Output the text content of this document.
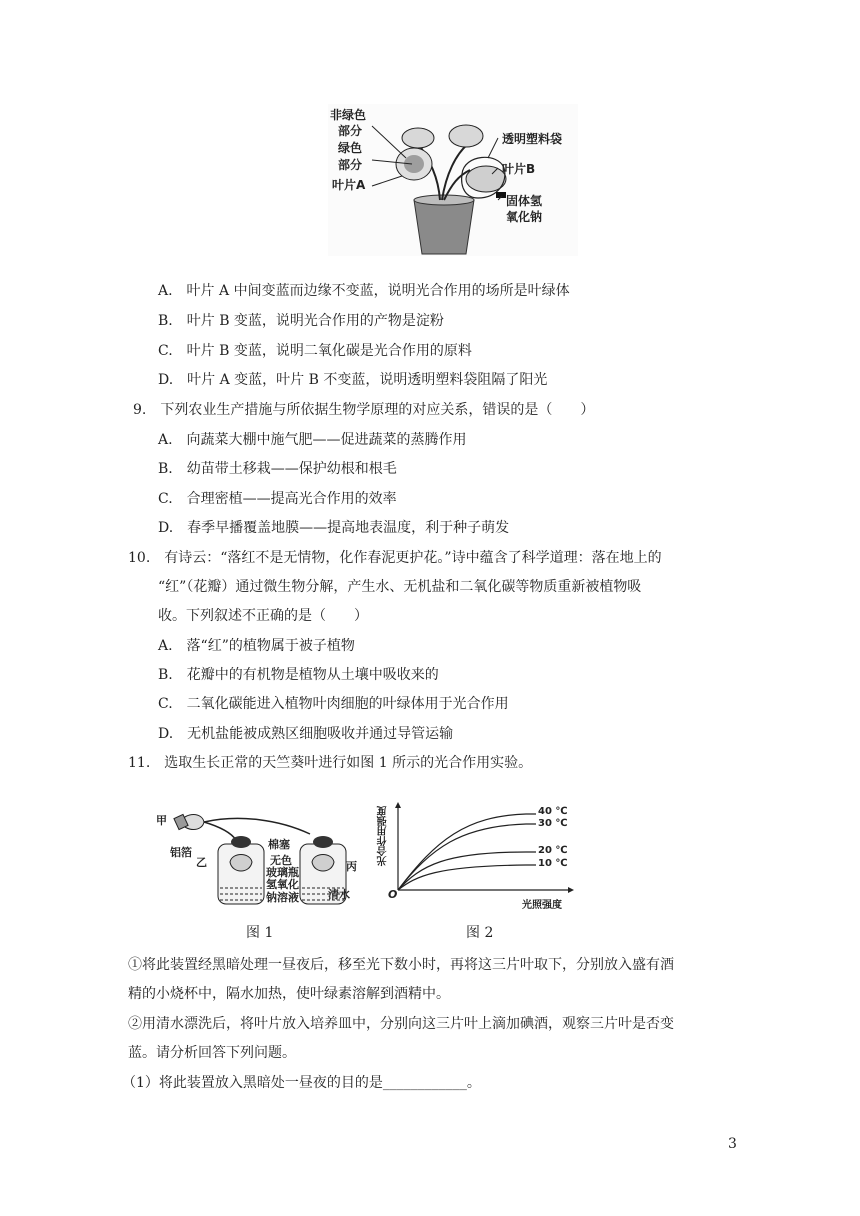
非绿色
部分
绿色
部分
叶片A
透明塑料袋
叶片B
固体氢
氧化钠
A.　叶片 A 中间变蓝而边缘不变蓝，说明光合作用的场所是叶绿体
B.　叶片 B 变蓝，说明光合作用的产物是淀粉
C.　叶片 B 变蓝，说明二氧化碳是光合作用的原料
D.　叶片 A 变蓝，叶片 B 不变蓝，说明透明塑料袋阻隔了阳光
9.　下列农业生产措施与所依据生物学原理的对应关系，错误的是（　　）
A.　向蔬菜大棚中施气肥——促进蔬菜的蒸腾作用
B.　幼苗带土移栽——保护幼根和根毛
C.　合理密植——提高光合作用的效率
D.　春季早播覆盖地膜——提高地表温度，利于种子萌发
10.　有诗云：“落红不是无情物，化作春泥更护花。”诗中蕴含了科学道理：落在地上的
“红”（花瓣）通过微生物分解，产生水、无机盐和二氧化碳等物质重新被植物吸
收。下列叙述不正确的是（　　）
A.　落“红”的植物属于被子植物
B.　花瓣中的有机物是植物从土壤中吸收来的
C.　二氧化碳能进入植物叶肉细胞的叶绿体用于光合作用
D.　无机盐能被成熟区细胞吸收并通过导管运输
11.　选取生长正常的天竺葵叶进行如图 1 所示的光合作用实验。
甲
铝箔
乙
棉塞
无色
玻璃瓶
氢氧化
钠溶液
丙
清水
图 1
光合作用强度
O
光照强度
40 ℃
30 ℃
20 ℃
10 ℃
图 2
①将此装置经黑暗处理一昼夜后，移至光下数小时，再将这三片叶取下，分别放入盛有酒
精的小烧杯中，隔水加热，使叶绿素溶解到酒精中。
②用清水漂洗后，将叶片放入培养皿中，分别向这三片叶上滴加碘酒，观察三片叶是否变
蓝。请分析回答下列问题。
（1）将此装置放入黑暗处一昼夜的目的是____________。
3
